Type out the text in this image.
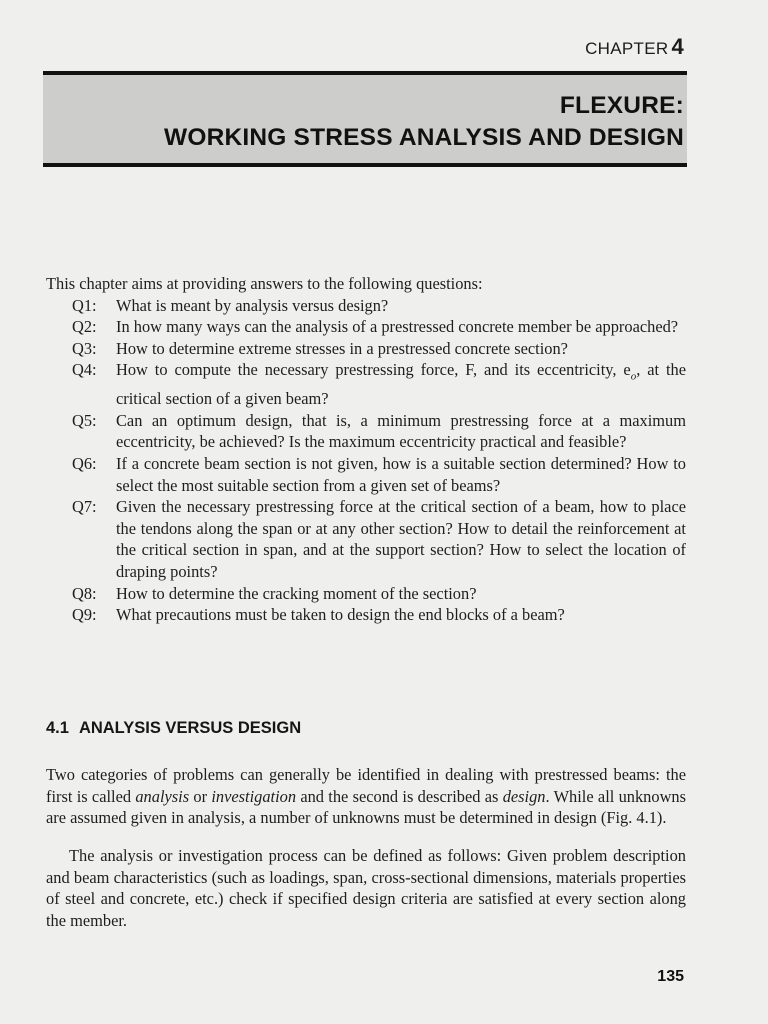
CHAPTER 4
FLEXURE:
WORKING STRESS ANALYSIS AND DESIGN
This chapter aims at providing answers to the following questions:
Q1: What is meant by analysis versus design?
Q2: In how many ways can the analysis of a prestressed concrete member be approached?
Q3: How to determine extreme stresses in a prestressed concrete section?
Q4: How to compute the necessary prestressing force, F, and its eccentricity, $e_o$, at the critical section of a given beam?
Q5: Can an optimum design, that is, a minimum prestressing force at a maximum eccentricity, be achieved? Is the maximum eccentricity practical and feasible?
Q6: If a concrete beam section is not given, how is a suitable section determined? How to select the most suitable section from a given set of beams?
Q7: Given the necessary prestressing force at the critical section of a beam, how to place the tendons along the span or at any other section? How to detail the reinforcement at the critical section in span, and at the support section? How to select the location of draping points?
Q8: How to determine the cracking moment of the section?
Q9: What precautions must be taken to design the end blocks of a beam?
4.1 ANALYSIS VERSUS DESIGN
Two categories of problems can generally be identified in dealing with prestressed beams: the first is called analysis or investigation and the second is described as design. While all unknowns are assumed given in analysis, a number of unknowns must be determined in design (Fig. 4.1).
The analysis or investigation process can be defined as follows: Given problem description and beam characteristics (such as loadings, span, cross-sectional dimensions, materials properties of steel and concrete, etc.) check if specified design criteria are satisfied at every section along the member.
135
